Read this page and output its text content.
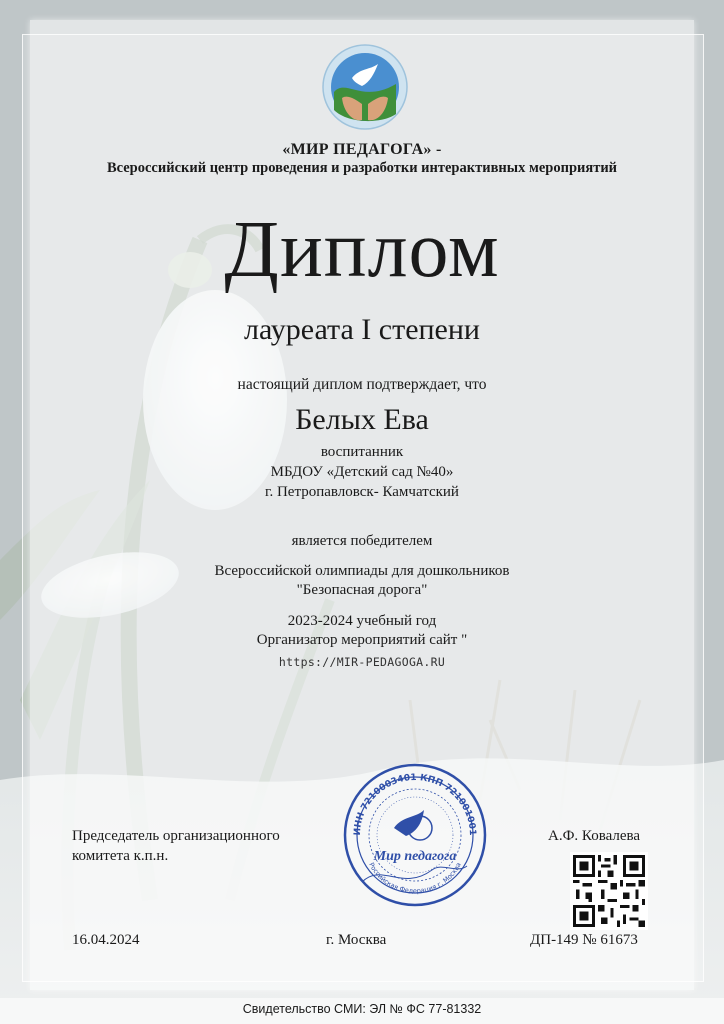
«МИР ПЕДАГОГА» -
Всероссийский центр проведения и разработки интерактивных мероприятий
Диплом
лауреата I степени
настоящий диплом подтверждает, что
Белых Ева
воспитанник
МБДОУ «Детский сад №40»
г. Петропавловск- Камчатский
является победителем
Всероссийской олимпиады для дошкольников
"Безопасная дорога"
2023-2024 учебный год
Организатор мероприятий сайт "
https://MIR-PEDAGOGA.RU
Председатель организационного
комитета к.п.н.
А.Ф. Ковалева
ИНН 7210003401 КПП 721001001
Российская Федерация г. Москва
Мир педагога
16.04.2024	г. Москва	ДП-149 № 61673
Свидетельство СМИ: ЭЛ № ФС 77-81332
